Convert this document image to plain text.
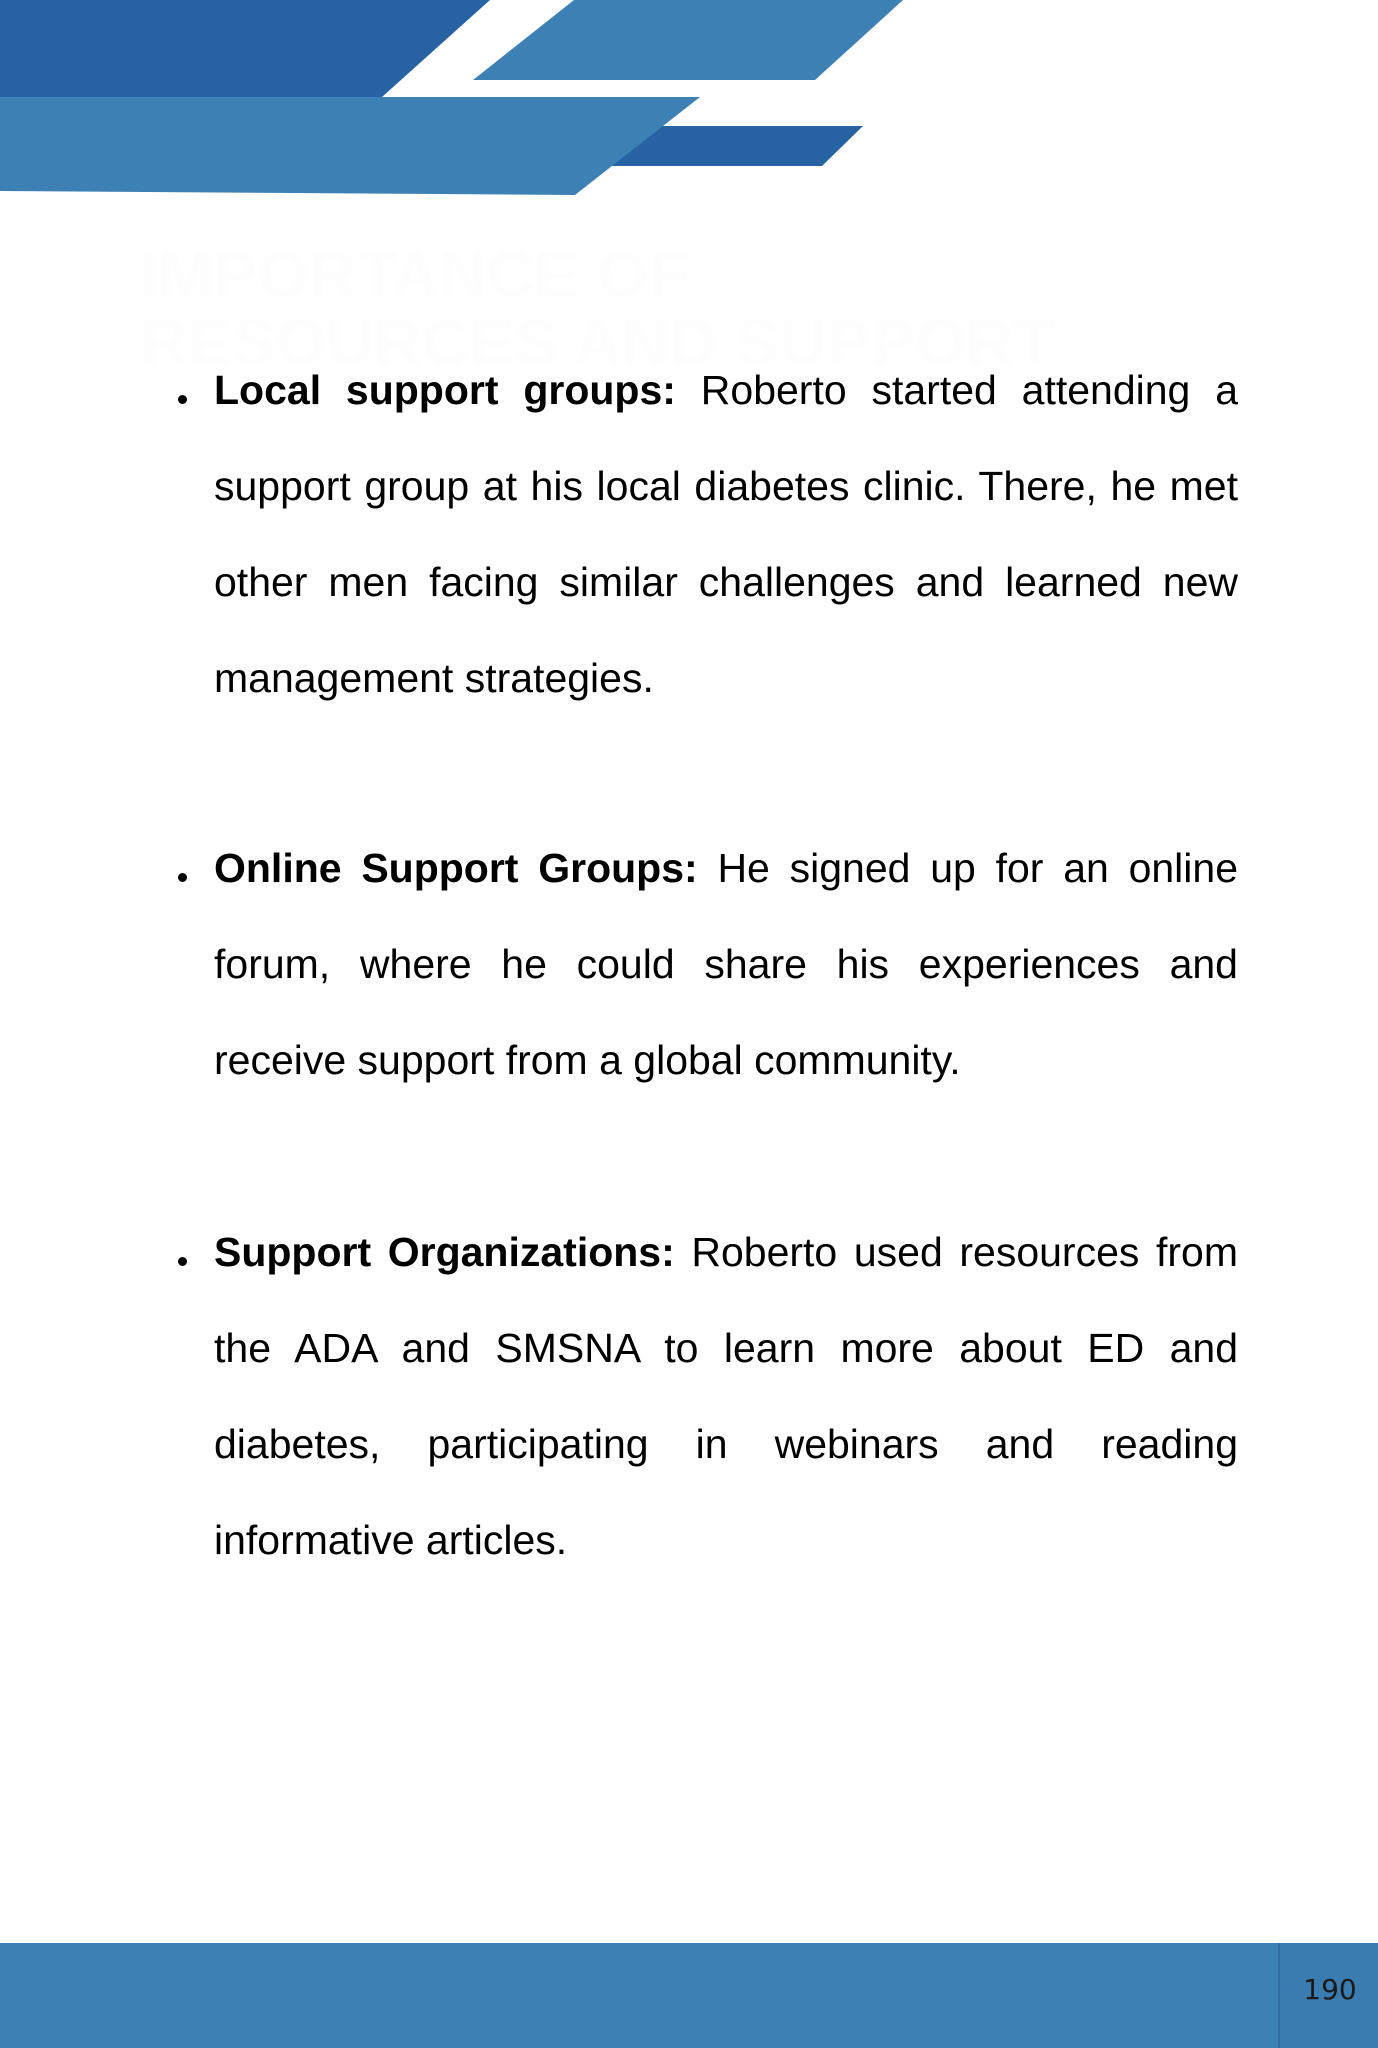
IMPORTANCE OF
RESOURCES AND SUPPORT

Local support groups: Roberto started attending a support group at his local diabetes clinic. There, he met other men facing similar challenges and learned new management strategies.

Online Support Groups: He signed up for an online forum, where he could share his experiences and receive support from a global community.

Support Organizations: Roberto used resources from the ADA and SMSNA to learn more about ED and diabetes, participating in webinars and reading informative articles.

190
